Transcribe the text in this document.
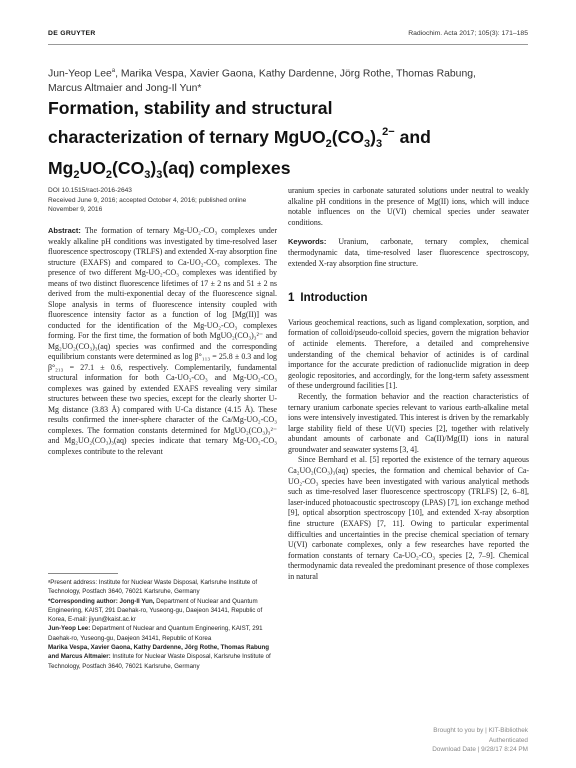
DE GRUYTER	Radiochim. Acta 2017; 105(3): 171–185
Jun-Yeop Lee$^a$, Marika Vespa, Xavier Gaona, Kathy Dardenne, Jörg Rothe, Thomas Rabung,
Marcus Altmaier and Jong-Il Yun*
Formation, stability and structural
characterization of ternary $MgUO_2(CO_3)_3^{2-}$ and
$Mg_2UO_2(CO_3)_3(aq)$ complexes
DOI 10.1515/ract-2016-2643
Received June 9, 2016; accepted October 4, 2016; published online
November 9, 2016
Abstract: The formation of ternary Mg-UO₂-CO₃ complexes under weakly alkaline pH conditions was investigated by time-resolved laser fluorescence spectroscopy (TRLFS) and extended X-ray absorption fine structure (EXAFS) and compared to Ca-UO₂-CO₃ complexes. The presence of two different Mg-UO₂-CO₃ complexes was identified by means of two distinct fluorescence lifetimes of 17 ± 2 ns and 51 ± 2 ns derived from the multi-exponential decay of the fluorescence signal. Slope analysis in terms of fluorescence intensity coupled with fluorescence intensity factor as a function of log [Mg(II)] was conducted for the identification of the Mg-UO₂-CO₃ complexes forming. For the first time, the formation of both MgUO₂(CO₃)₃²⁻ and Mg₂UO₂(CO₃)₃(aq) species was confirmed and the corresponding equilibrium constants were determined as log β°₁₁₃ = 25.8 ± 0.3 and log β°₂₁₃ = 27.1 ± 0.6, respectively. Complementarily, fundamental structural information for both Ca-UO₂-CO₃ and Mg-UO₂-CO₃ complexes was gained by extended EXAFS revealing very similar structures between these two species, except for the clearly shorter U-Mg distance (3.83 Å) compared with U-Ca distance (4.15 Å). These results confirmed the inner-sphere character of the Ca/Mg-UO₂-CO₃ complexes. The formation constants determined for MgUO₂(CO₃)₃²⁻ and Mg₂UO₂(CO₃)₃(aq) species indicate that ternary Mg-UO₂-CO₃ complexes contribute to the relevant

ᵃPresent address: Institute for Nuclear Waste Disposal, Karlsruhe Institute of Technology, Postfach 3640, 76021 Karlsruhe, Germany

*Corresponding author: Jong-Il Yun, Department of Nuclear and Quantum Engineering, KAIST, 291 Daehak-ro, Yuseong-gu, Daejeon 34141, Republic of Korea, E-mail: jiyun@kaist.ac.kr

Jun-Yeop Lee: Department of Nuclear and Quantum Engineering, KAIST, 291 Daehak-ro, Yuseong-gu, Daejeon 34141, Republic of Korea

Marika Vespa, Xavier Gaona, Kathy Dardenne, Jörg Rothe, Thomas Rabung and Marcus Altmaier: Institute for Nuclear Waste Disposal, Karlsruhe Institute of Technology, Postfach 3640, 76021 Karlsruhe, Germany

uranium species in carbonate saturated solutions under neutral to weakly alkaline pH conditions in the presence of Mg(II) ions, which will induce notable influences on the U(VI) chemical species under seawater conditions.

Keywords: Uranium, carbonate, ternary complex, chemical thermodynamic data, time-resolved laser fluorescence spectroscopy, extended X-ray absorption fine structure.

1 Introduction

Various geochemical reactions, such as ligand complexation, sorption, and formation of colloid/pseudo-colloid species, govern the migration behavior of actinide elements. Therefore, a detailed and comprehensive understanding of the chemical behavior of actinides is of cardinal importance for the accurate prediction of radionuclide migration in deep geologic repositories, and accordingly, for the long-term safety assessment of these underground facilities [1].

Recently, the formation behavior and the reaction characteristics of ternary uranium carbonate species relevant to various earth-alkaline metal ions were intensively investigated. This interest is driven by the remarkably large stability field of these U(VI) species [2], together with relatively abundant amounts of carbonate and Ca(II)/Mg(II) ions in natural groundwater and seawater systems [3, 4].

Since Bernhard et al. [5] reported the existence of the ternary aqueous Ca₂UO₂(CO₃)₃(aq) species, the formation and chemical behavior of Ca-UO₂-CO₃ species have been investigated with various analytical methods such as time-resolved laser fluorescence spectroscopy (TRLFS) [2, 6–8], laser-induced photoacoustic spectroscopy (LPAS) [7], ion exchange method [9], optical absorption spectroscopy [10], and extended X-ray absorption fine structure (EXAFS) [7, 11]. Owing to particular experimental difficulties and uncertainties in the precise chemical speciation of ternary U(VI) carbonate complexes, only a few researches have reported the formation constants of ternary Ca-UO₂-CO₃ species [2, 7–9]. Chemical thermodynamic data revealed the predominant presence of those complexes in natural

Brought to you by | KIT-Bibliothek
Authenticated
Download Date | 9/28/17 8:24 PM
